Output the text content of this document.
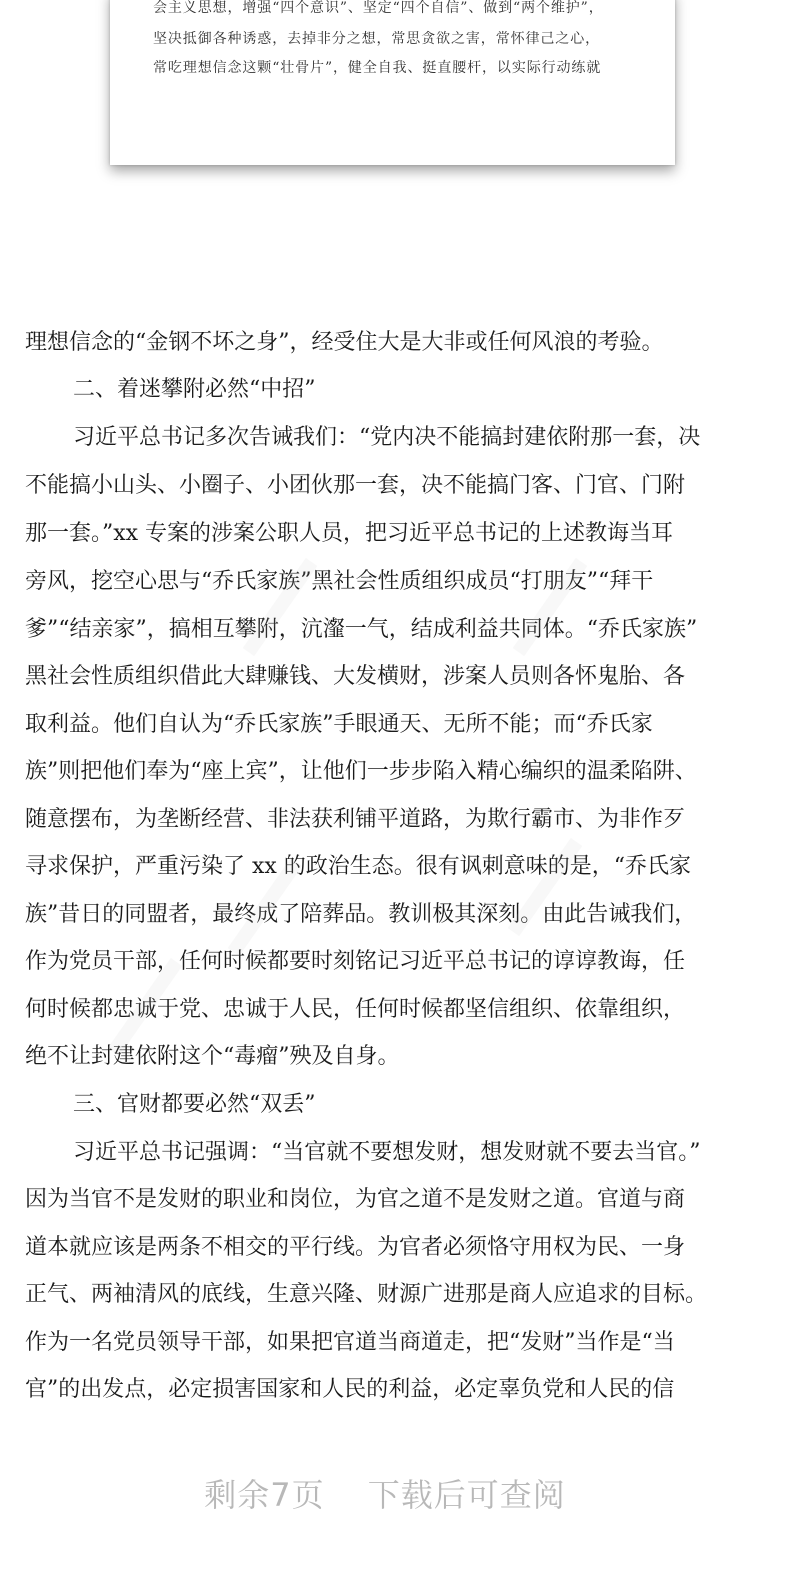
会主义思想，增强“四个意识”、坚定“四个自信”、做到“两个维护”，
坚决抵御各种诱惑，去掉非分之想，常思贪欲之害，常怀律己之心，
常吃理想信念这颗“壮骨片”，健全自我、挺直腰杆，以实际行动练就
理想信念的“金钢不坏之身”，经受住大是大非或任何风浪的考验。
二、着迷攀附必然“中招”
习近平总书记多次告诫我们：“党内决不能搞封建依附那一套，决
不能搞小山头、小圈子、小团伙那一套，决不能搞门客、门官、门附
那一套。”xx 专案的涉案公职人员，把习近平总书记的上述教诲当耳
旁风，挖空心思与“乔氏家族”黑社会性质组织成员“打朋友”“拜干
爹”“结亲家”，搞相互攀附，沆瀣一气，结成利益共同体。“乔氏家族”
黑社会性质组织借此大肆赚钱、大发横财，涉案人员则各怀鬼胎、各
取利益。他们自认为“乔氏家族”手眼通天、无所不能；而“乔氏家
族”则把他们奉为“座上宾”，让他们一步步陷入精心编织的温柔陷阱、
随意摆布，为垄断经营、非法获利铺平道路，为欺行霸市、为非作歹
寻求保护，严重污染了 xx 的政治生态。很有讽刺意味的是，“乔氏家
族”昔日的同盟者，最终成了陪葬品。教训极其深刻。由此告诫我们，
作为党员干部，任何时候都要时刻铭记习近平总书记的谆谆教诲，任
何时候都忠诚于党、忠诚于人民，任何时候都坚信组织、依靠组织，
绝不让封建依附这个“毒瘤”殃及自身。
三、官财都要必然“双丢”
习近平总书记强调：“当官就不要想发财，想发财就不要去当官。”
因为当官不是发财的职业和岗位，为官之道不是发财之道。官道与商
道本就应该是两条不相交的平行线。为官者必须恪守用权为民、一身
正气、两袖清风的底线，生意兴隆、财源广进那是商人应追求的目标。
作为一名党员领导干部，如果把官道当商道走，把“发财”当作是“当
官”的出发点，必定损害国家和人民的利益，必定辜负党和人民的信
剩余7页 下载后可查阅
